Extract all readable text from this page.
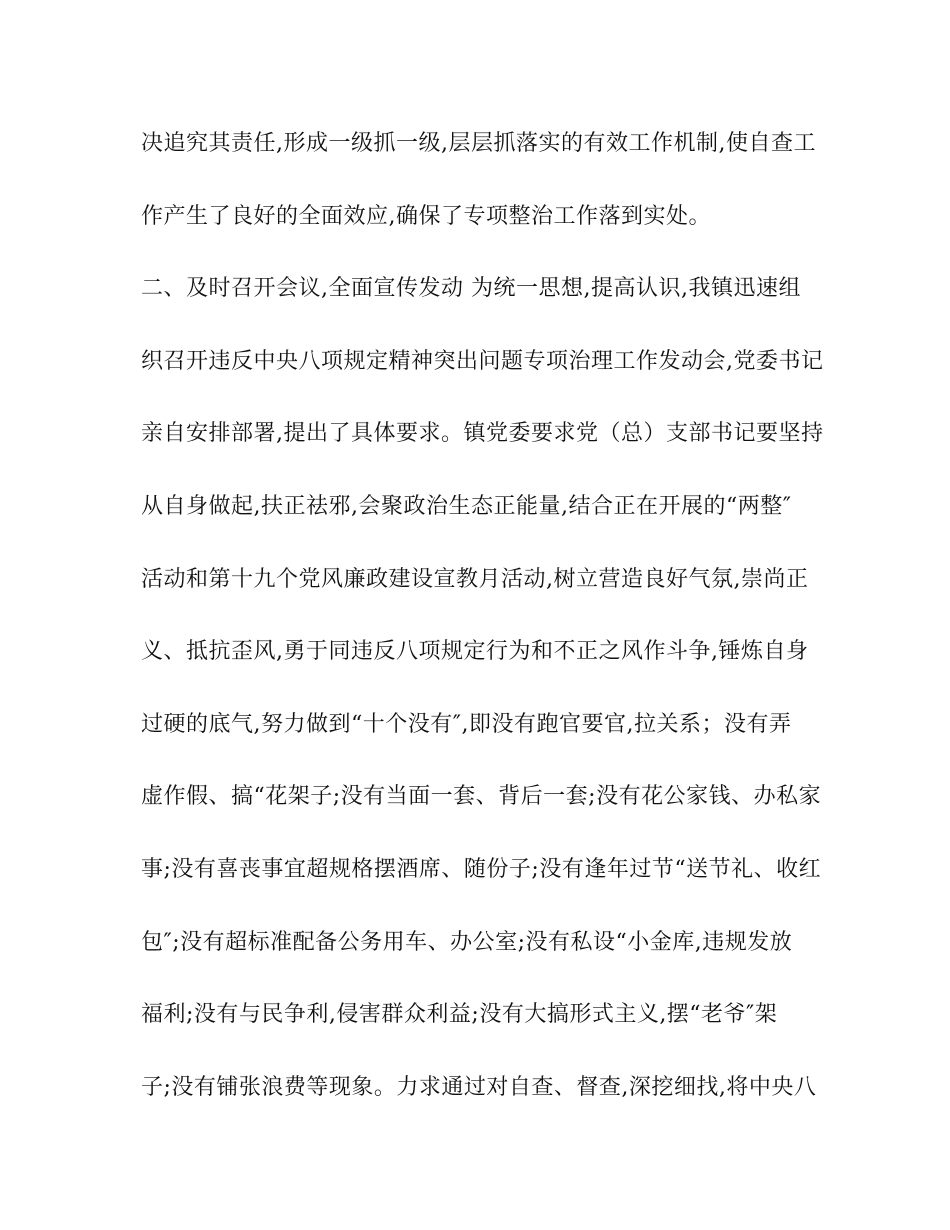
决追究其责任,形成一级抓一级,层层抓落实的有效工作机制,使自查工
作产生了良好的全面效应,确保了专项整治工作落到实处。
二、及时召开会议,全面宣传发动 为统一思想,提高认识,我镇迅速组
织召开违反中央八项规定精神突出问题专项治理工作发动会,党委书记
亲自安排部署,提出了具体要求。镇党委要求党（总）支部书记要坚持
从自身做起,扶正祛邪,会聚政治生态正能量,结合正在开展的“两整″
活动和第十九个党风廉政建设宣教月活动,树立营造良好气氛,崇尚正
义、抵抗歪风,勇于同违反八项规定行为和不正之风作斗争,锤炼自身
过硬的底气,努力做到“十个没有″,即没有跑官要官,拉关系；没有弄
虚作假、搞“花架子;没有当面一套、背后一套;没有花公家钱、办私家
事;没有喜丧事宜超规格摆酒席、随份子;没有逢年过节“送节礼、收红
包″;没有超标准配备公务用车、办公室;没有私设“小金库,违规发放
福利;没有与民争利,侵害群众利益;没有大搞形式主义,摆“老爷″架
子;没有铺张浪费等现象。力求通过对自查、督查,深挖细找,将中央八
